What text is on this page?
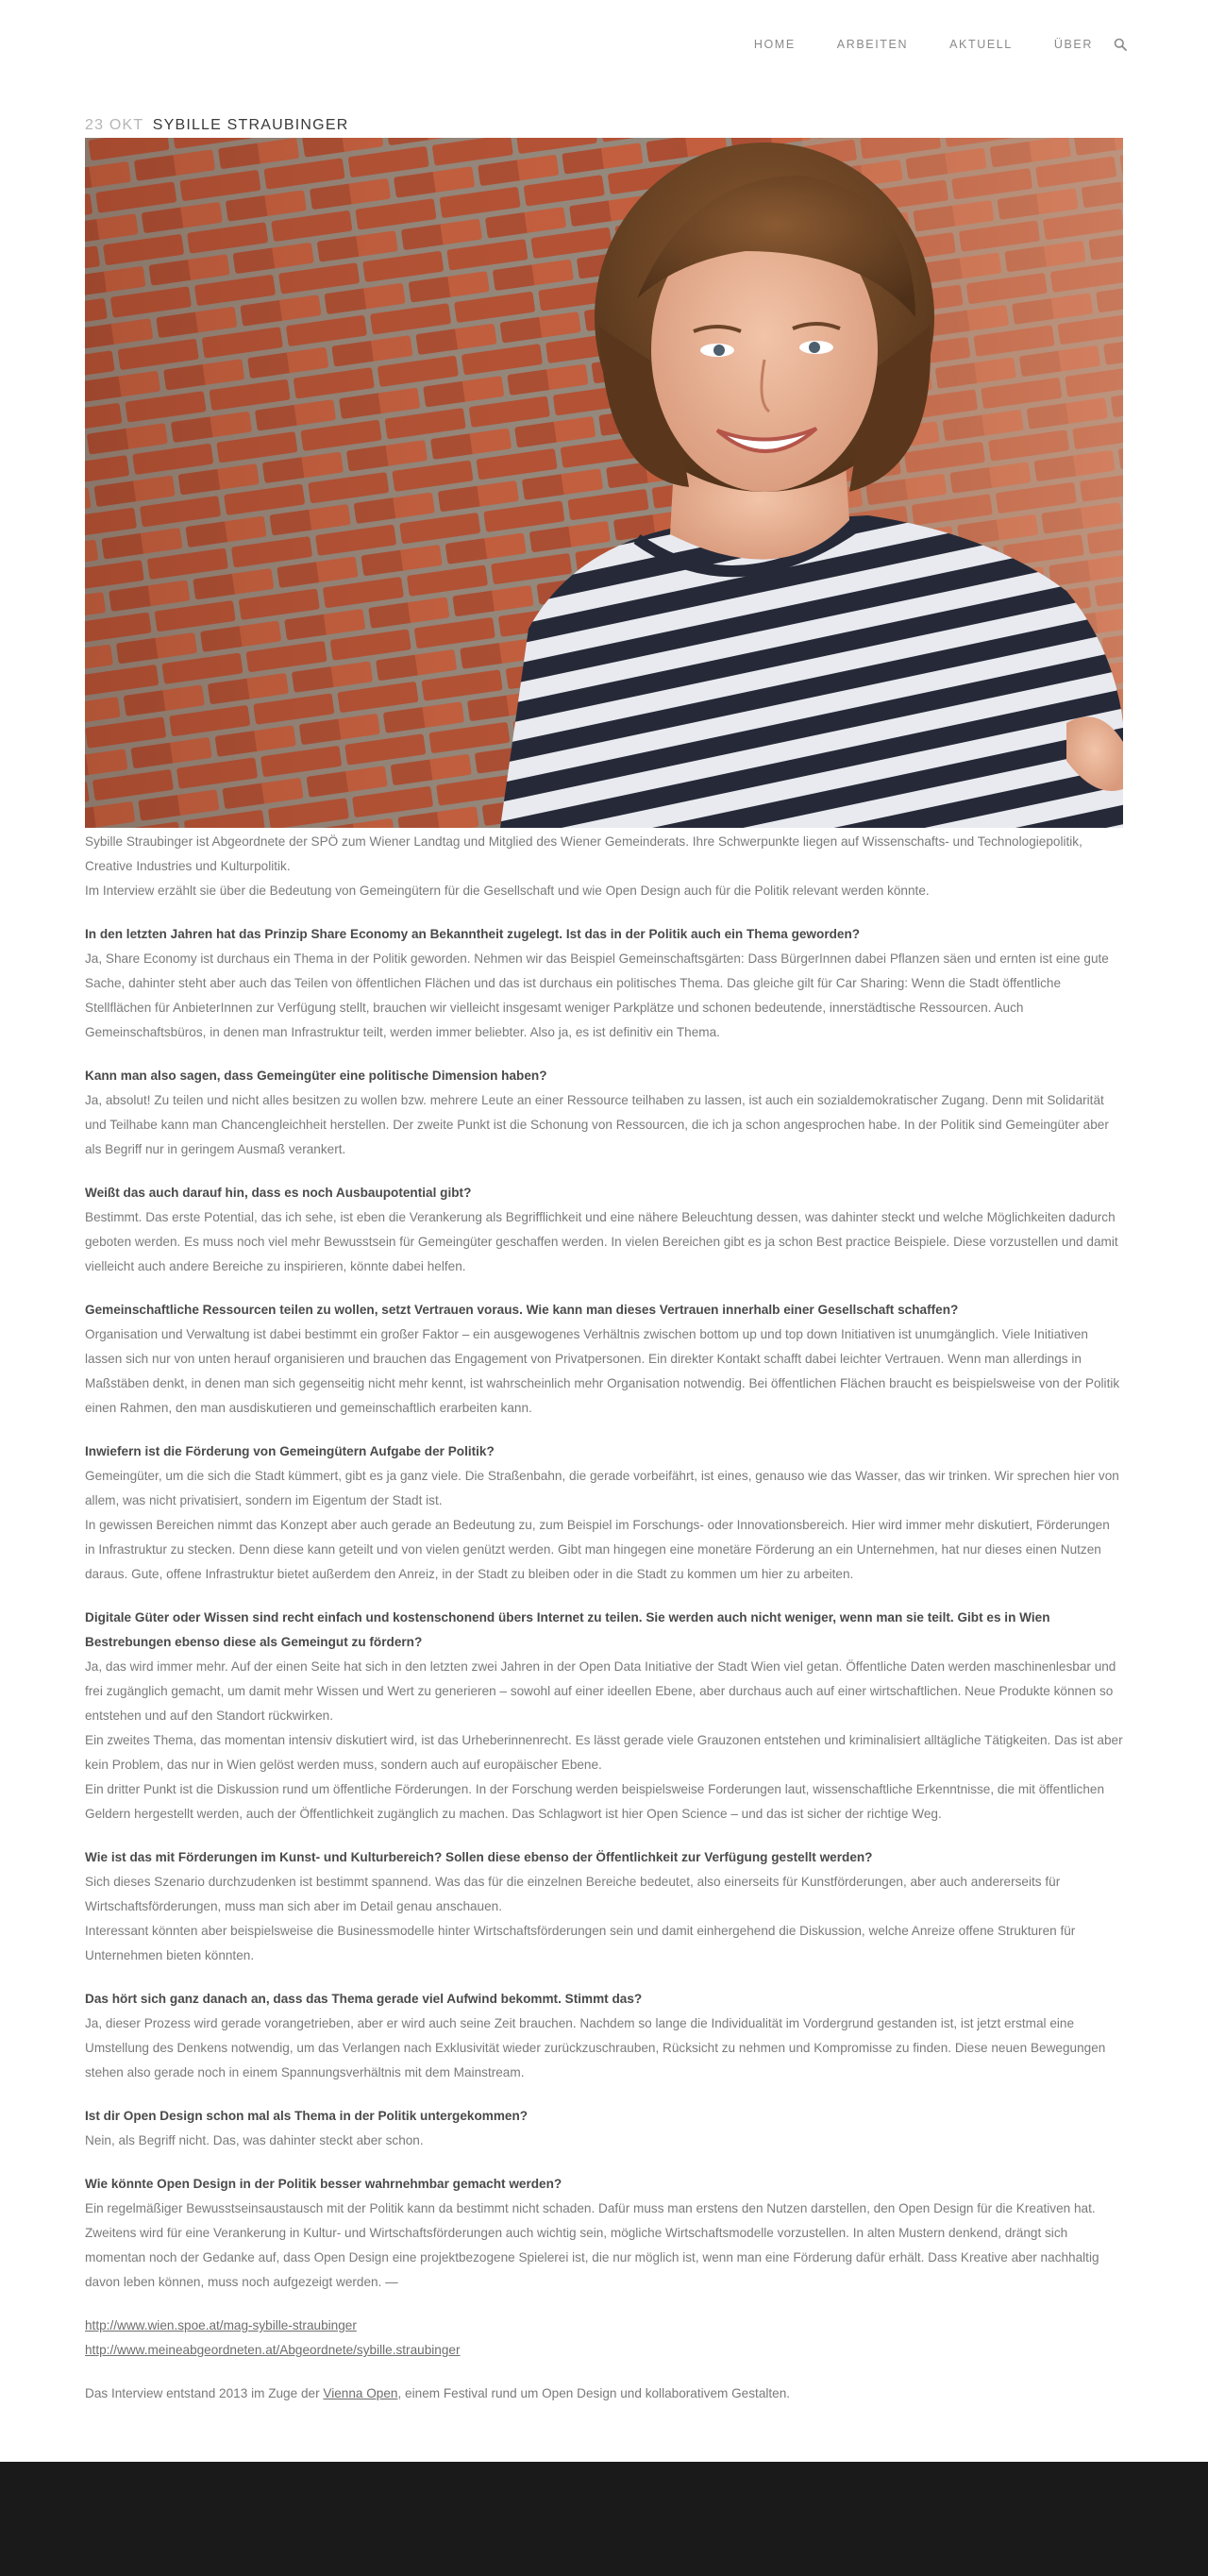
HOME	ARBEITEN	AKTUELL	ÜBER
23 OKT SYBILLE STRAUBINGER

Sybille Straubinger ist Abgeordnete der SPÖ zum Wiener Landtag und Mitglied des Wiener Gemeinderats. Ihre Schwerpunkte liegen auf Wissenschafts- und Technologiepolitik, Creative Industries und Kulturpolitik.

Im Interview erzählt sie über die Bedeutung von Gemeingütern für die Gesellschaft und wie Open Design auch für die Politik relevant werden könnte.

In den letzten Jahren hat das Prinzip Share Economy an Bekanntheit zugelegt. Ist das in der Politik auch ein Thema geworden?

Ja, Share Economy ist durchaus ein Thema in der Politik geworden. Nehmen wir das Beispiel Gemeinschaftsgärten: Dass BürgerInnen dabei Pflanzen säen und ernten ist eine gute Sache, dahinter steht aber auch das Teilen von öffentlichen Flächen und das ist durchaus ein politisches Thema. Das gleiche gilt für Car Sharing: Wenn die Stadt öffentliche Stellflächen für AnbieterInnen zur Verfügung stellt, brauchen wir vielleicht insgesamt weniger Parkplätze und schonen bedeutende, innerstädtische Ressourcen. Auch Gemeinschaftsbüros, in denen man Infrastruktur teilt, werden immer beliebter. Also ja, es ist definitiv ein Thema.

Kann man also sagen, dass Gemeingüter eine politische Dimension haben?

Ja, absolut! Zu teilen und nicht alles besitzen zu wollen bzw. mehrere Leute an einer Ressource teilhaben zu lassen, ist auch ein sozialdemokratischer Zugang. Denn mit Solidarität und Teilhabe kann man Chancengleichheit herstellen. Der zweite Punkt ist die Schonung von Ressourcen, die ich ja schon angesprochen habe. In der Politik sind Gemeingüter aber als Begriff nur in geringem Ausmaß verankert.

Weißt das auch darauf hin, dass es noch Ausbaupotential gibt?

Bestimmt. Das erste Potential, das ich sehe, ist eben die Verankerung als Begrifflichkeit und eine nähere Beleuchtung dessen, was dahinter steckt und welche Möglichkeiten dadurch geboten werden. Es muss noch viel mehr Bewusstsein für Gemeingüter geschaffen werden. In vielen Bereichen gibt es ja schon Best practice Beispiele. Diese vorzustellen und damit vielleicht auch andere Bereiche zu inspirieren, könnte dabei helfen.

Gemeinschaftliche Ressourcen teilen zu wollen, setzt Vertrauen voraus. Wie kann man dieses Vertrauen innerhalb einer Gesellschaft schaffen?

Organisation und Verwaltung ist dabei bestimmt ein großer Faktor – ein ausgewogenes Verhältnis zwischen bottom up und top down Initiativen ist unumgänglich. Viele Initiativen lassen sich nur von unten herauf organisieren und brauchen das Engagement von Privatpersonen. Ein direkter Kontakt schafft dabei leichter Vertrauen. Wenn man allerdings in Maßstäben denkt, in denen man sich gegenseitig nicht mehr kennt, ist wahrscheinlich mehr Organisation notwendig. Bei öffentlichen Flächen braucht es beispielsweise von der Politik einen Rahmen, den man ausdiskutieren und gemeinschaftlich erarbeiten kann.

Inwiefern ist die Förderung von Gemeingütern Aufgabe der Politik?

Gemeingüter, um die sich die Stadt kümmert, gibt es ja ganz viele. Die Straßenbahn, die gerade vorbeifährt, ist eines, genauso wie das Wasser, das wir trinken. Wir sprechen hier von allem, was nicht privatisiert, sondern im Eigentum der Stadt ist.

In gewissen Bereichen nimmt das Konzept aber auch gerade an Bedeutung zu, zum Beispiel im Forschungs- oder Innovationsbereich. Hier wird immer mehr diskutiert, Förderungen in Infrastruktur zu stecken. Denn diese kann geteilt und von vielen genützt werden. Gibt man hingegen eine monetäre Förderung an ein Unternehmen, hat nur dieses einen Nutzen daraus. Gute, offene Infrastruktur bietet außerdem den Anreiz, in der Stadt zu bleiben oder in die Stadt zu kommen um hier zu arbeiten.

Digitale Güter oder Wissen sind recht einfach und kostenschonend übers Internet zu teilen. Sie werden auch nicht weniger, wenn man sie teilt. Gibt es in Wien Bestrebungen ebenso diese als Gemeingut zu fördern?

Ja, das wird immer mehr. Auf der einen Seite hat sich in den letzten zwei Jahren in der Open Data Initiative der Stadt Wien viel getan. Öffentliche Daten werden maschinenlesbar und frei zugänglich gemacht, um damit mehr Wissen und Wert zu generieren – sowohl auf einer ideellen Ebene, aber durchaus auch auf einer wirtschaftlichen. Neue Produkte können so entstehen und auf den Standort rückwirken.

Ein zweites Thema, das momentan intensiv diskutiert wird, ist das Urheberinnenrecht. Es lässt gerade viele Grauzonen entstehen und kriminalisiert alltägliche Tätigkeiten. Das ist aber kein Problem, das nur in Wien gelöst werden muss, sondern auch auf europäischer Ebene.

Ein dritter Punkt ist die Diskussion rund um öffentliche Förderungen. In der Forschung werden beispielsweise Forderungen laut, wissenschaftliche Erkenntnisse, die mit öffentlichen Geldern hergestellt werden, auch der Öffentlichkeit zugänglich zu machen. Das Schlagwort ist hier Open Science – und das ist sicher der richtige Weg.

Wie ist das mit Förderungen im Kunst- und Kulturbereich? Sollen diese ebenso der Öffentlichkeit zur Verfügung gestellt werden?

Sich dieses Szenario durchzudenken ist bestimmt spannend. Was das für die einzelnen Bereiche bedeutet, also einerseits für Kunstförderungen, aber auch andererseits für Wirtschaftsförderungen, muss man sich aber im Detail genau anschauen.

Interessant könnten aber beispielsweise die Businessmodelle hinter Wirtschaftsförderungen sein und damit einhergehend die Diskussion, welche Anreize offene Strukturen für Unternehmen bieten könnten.

Das hört sich ganz danach an, dass das Thema gerade viel Aufwind bekommt. Stimmt das?

Ja, dieser Prozess wird gerade vorangetrieben, aber er wird auch seine Zeit brauchen. Nachdem so lange die Individualität im Vordergrund gestanden ist, ist jetzt erstmal eine Umstellung des Denkens notwendig, um das Verlangen nach Exklusivität wieder zurückzuschrauben, Rücksicht zu nehmen und Kompromisse zu finden. Diese neuen Bewegungen stehen also gerade noch in einem Spannungsverhältnis mit dem Mainstream.

Ist dir Open Design schon mal als Thema in der Politik untergekommen?

Nein, als Begriff nicht. Das, was dahinter steckt aber schon.

Wie könnte Open Design in der Politik besser wahrnehmbar gemacht werden?

Ein regelmäßiger Bewusstseinsaustausch mit der Politik kann da bestimmt nicht schaden. Dafür muss man erstens den Nutzen darstellen, den Open Design für die Kreativen hat. Zweitens wird für eine Verankerung in Kultur- und Wirtschaftsförderungen auch wichtig sein, mögliche Wirtschaftsmodelle vorzustellen. In alten Mustern denkend, drängt sich momentan noch der Gedanke auf, dass Open Design eine projektbezogene Spielerei ist, die nur möglich ist, wenn man eine Förderung dafür erhält. Dass Kreative aber nachhaltig davon leben können, muss noch aufgezeigt werden. —

http://www.wien.spoe.at/mag-sybille-straubinger

http://www.meineabgeordneten.at/Abgeordnete/sybille.straubinger

Das Interview entstand 2013 im Zuge der Vienna Open, einem Festival rund um Open Design und kollaborativem Gestalten.
